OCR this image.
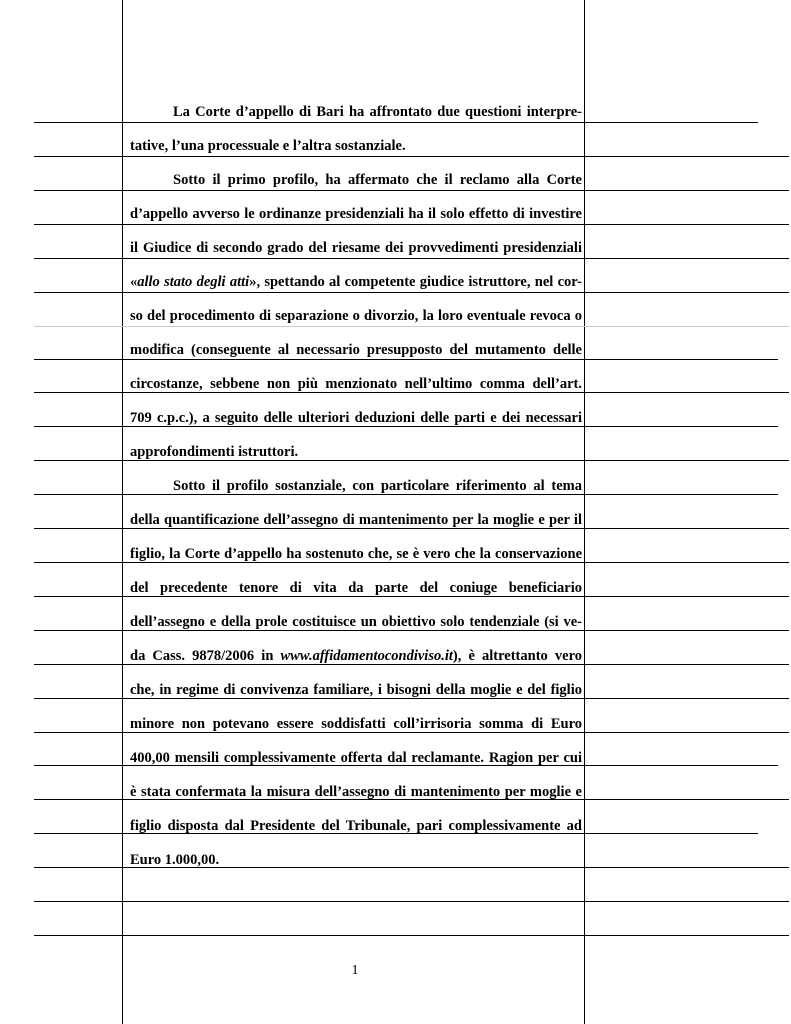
La Corte d’appello di Bari ha affrontato due questioni interpre-
tative, l’una processuale e l’altra sostanziale.
Sotto il primo profilo, ha affermato che il reclamo alla Corte
d’appello avverso le ordinanze presidenziali ha il solo effetto di investire
il Giudice di secondo grado del riesame dei provvedimenti presidenziali
«allo stato degli atti», spettando al competente giudice istruttore, nel cor-
so del procedimento di separazione o divorzio, la loro eventuale revoca o
modifica (conseguente al necessario presupposto del mutamento delle
circostanze, sebbene non più menzionato nell’ultimo comma dell’art.
709 c.p.c.), a seguito delle ulteriori deduzioni delle parti e dei necessari
approfondimenti istruttori.
Sotto il profilo sostanziale, con particolare riferimento al tema
della quantificazione dell’assegno di mantenimento per la moglie e per il
figlio, la Corte d’appello ha sostenuto che, se è vero che la conservazione
del precedente tenore di vita da parte del coniuge beneficiario
dell’assegno e della prole costituisce un obiettivo solo tendenziale (si ve-
da Cass. 9878/2006 in www.affidamentocondiviso.it), è altrettanto vero
che, in regime di convivenza familiare, i bisogni della moglie e del figlio
minore non potevano essere soddisfatti coll’irrisoria somma di Euro
400,00 mensili complessivamente offerta dal reclamante. Ragion per cui
è stata confermata la misura dell’assegno di mantenimento per moglie e
figlio disposta dal Presidente del Tribunale, pari complessivamente ad
Euro 1.000,00.
1
